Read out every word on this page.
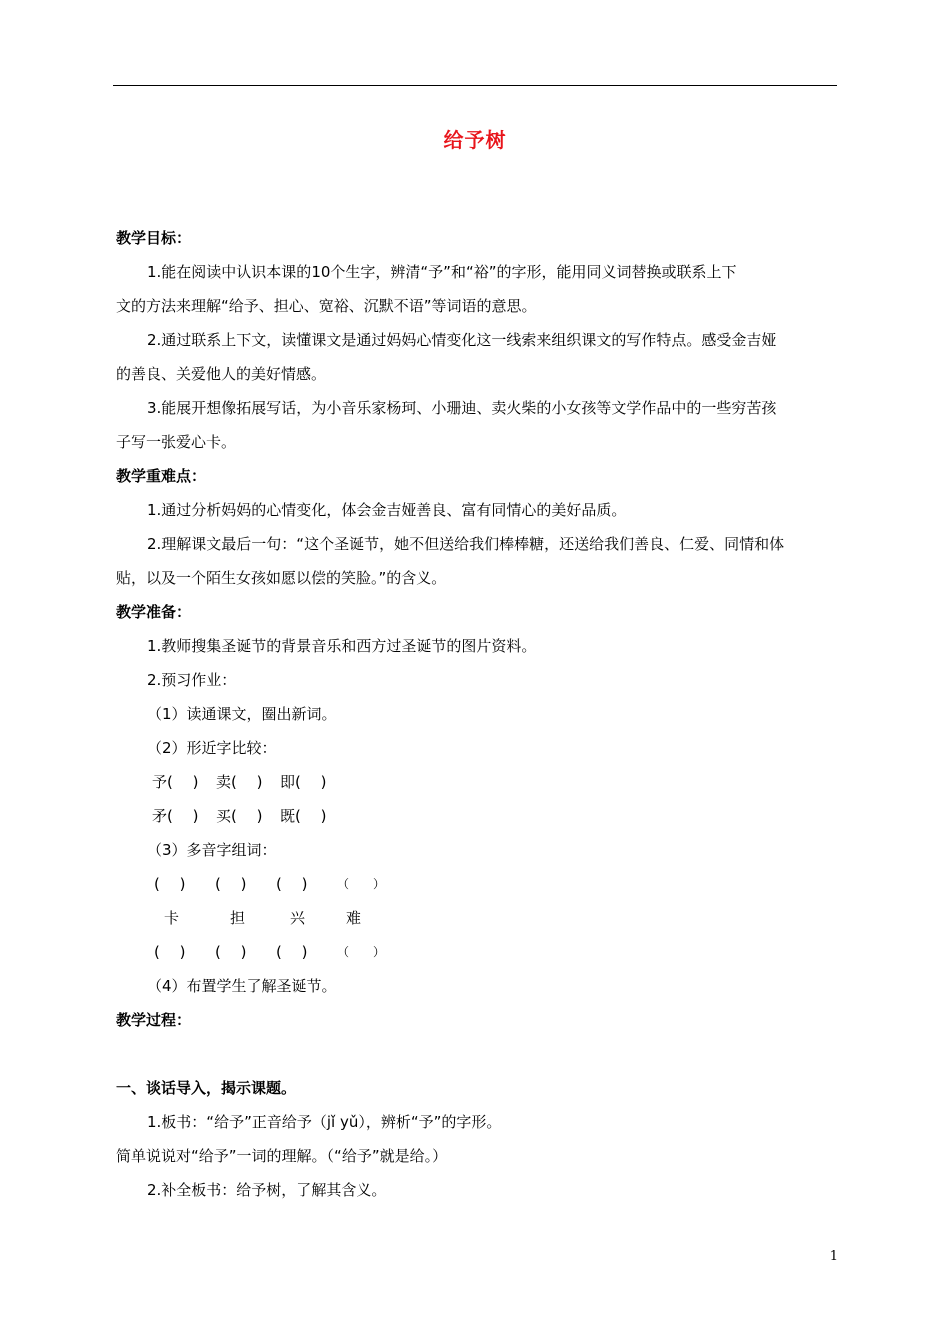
给予树

教学目标：

1.能在阅读中认识本课的10个生字，辨清“予”和“裕”的字形，能用同义词替换或联系上下

文的方法来理解“给予、担心、宽裕、沉默不语”等词语的意思。

2.通过联系上下文，读懂课文是通过妈妈心情变化这一线索来组织课文的写作特点。感受金吉娅

的善良、关爱他人的美好情感。

3.能展开想像拓展写话，为小音乐家杨珂、小珊迪、卖火柴的小女孩等文学作品中的一些穷苦孩

子写一张爱心卡。

教学重难点：

1.通过分析妈妈的心情变化，体会金吉娅善良、富有同情心的美好品质。

2.理解课文最后一句：“这个圣诞节，她不但送给我们棒棒糖，还送给我们善良、仁爱、同情和体

贴，以及一个陌生女孩如愿以偿的笑脸。”的含义。

教学准备：

1.教师搜集圣诞节的背景音乐和西方过圣诞节的图片资料。

2.预习作业：

（1）读通课文，圈出新词。

（2）形近字比较：

予(　 )	卖(　 )	即(　 )
矛(　 )	买(　 )	既(　 )

（3）多音字组词：

(　 )	(　 )	(　 )	（　　）
卡	担	兴	难
(　 )	(　 )	(　 )	（　　）

（4）布置学生了解圣诞节。

教学过程：

一、谈话导入，揭示课题。

1.板书：“给予”正音给予（jǐ yǔ），辨析“予”的字形。

简单说说对“给予”一词的理解。（“给予”就是给。）

2.补全板书：给予树，了解其含义。

1
